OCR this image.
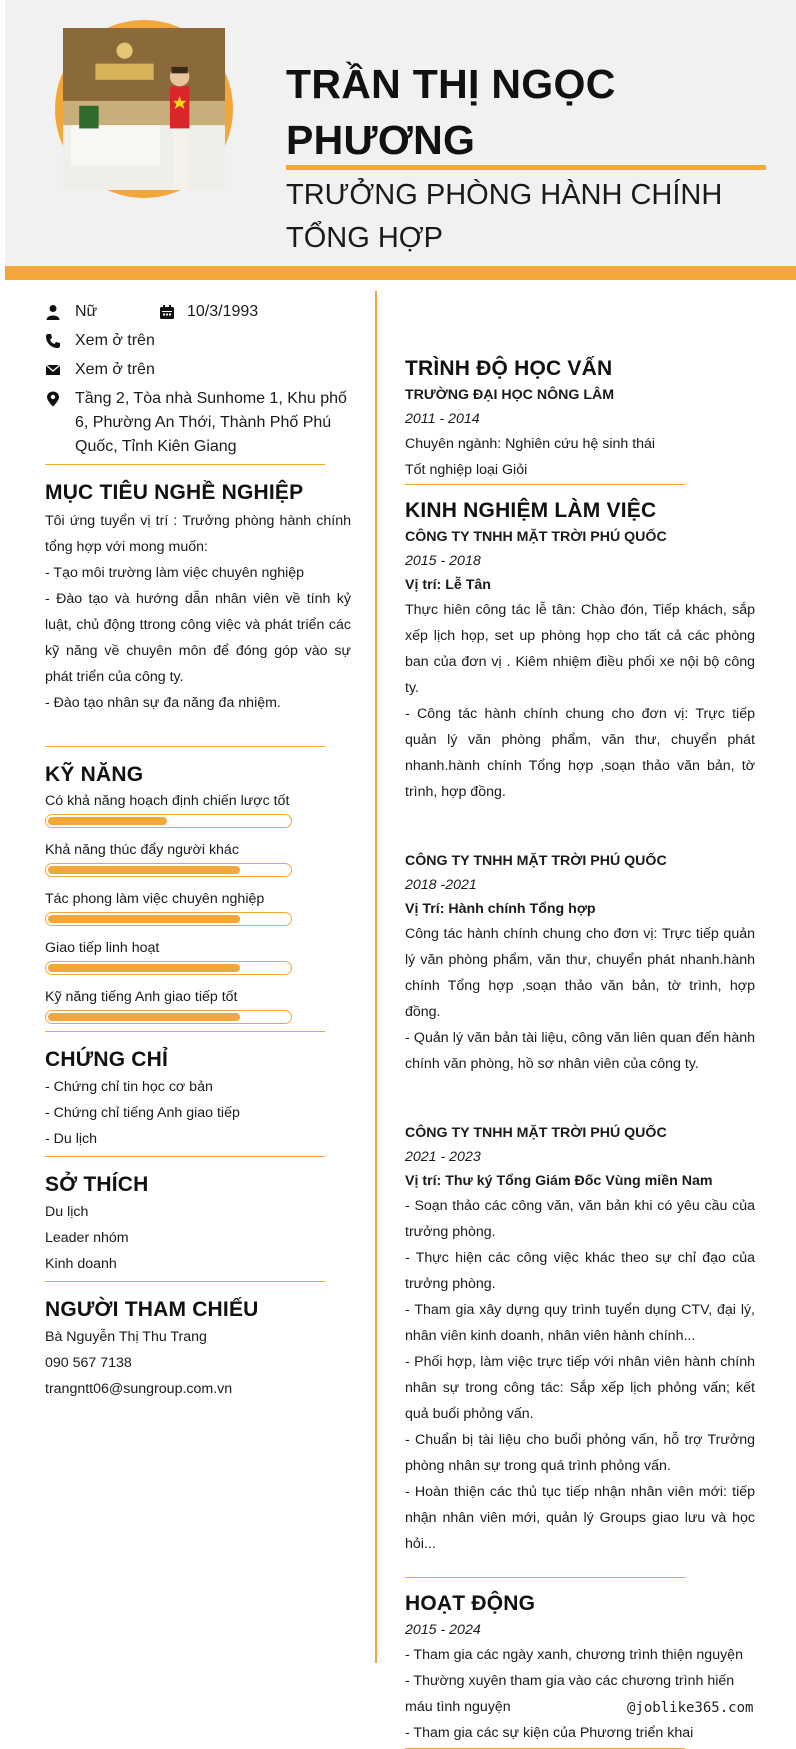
TRẦN THỊ NGỌC PHƯƠNG
TRƯỞNG PHÒNG HÀNH CHÍNH TỔNG HỢP
Nữ	10/3/1993
Xem ở trên
Xem ở trên
Tầng 2, Tòa nhà Sunhome 1, Khu phố 6, Phường An Thới, Thành Phố Phú Quốc, Tỉnh Kiên Giang
MỤC TIÊU NGHỀ NGHIỆP
Tôi ứng tuyển vị trí : Trưởng phòng hành chính tổng hợp với mong muốn:
- Tạo môi trường làm việc chuyên nghiệp
- Đào tạo và hướng dẫn nhân viên về tính kỷ luật, chủ động ttrong công việc và phát triển các kỹ năng về chuyên môn để đóng góp vào sự phát triển của công ty.
- Đào tạo nhân sự đa năng đa nhiệm.
KỸ NĂNG
Có khả năng hoạch định chiến lược tốt
Khả năng thúc đẩy người khác
Tác phong làm việc chuyên nghiệp
Giao tiếp linh hoạt
Kỹ năng tiếng Anh giao tiếp tốt
CHỨNG CHỈ
- Chứng chỉ tin học cơ bản
- Chứng chỉ tiếng Anh giao tiếp
- Du lịch
SỞ THÍCH
Du lịch
Leader nhóm
Kinh doanh
NGƯỜI THAM CHIẾU
Bà Nguyễn Thị Thu Trang
090 567 7138
trangntt06@sungroup.com.vn
TRÌNH ĐỘ HỌC VẤN
TRƯỜNG ĐẠI HỌC NÔNG LÂM
2011 - 2014
Chuyên ngành: Nghiên cứu hệ sinh thái
Tốt nghiệp loại Giỏi
KINH NGHIỆM LÀM VIỆC
CÔNG TY TNHH MẶT TRỜI PHÚ QUỐC
2015 - 2018
Vị trí: Lễ Tân
Thực hiên công tác lễ tân: Chào đón, Tiếp khách, sắp xếp lịch họp, set up phòng họp cho tất cả các phòng ban của đơn vị . Kiêm nhiệm điều phối xe nội bộ công ty.
- Công tác hành chính chung cho đơn vị: Trực tiếp quản lý văn phòng phẩm, văn thư, chuyển phát nhanh.hành chính Tổng hợp ,soạn thảo văn bản, tờ trình, hợp đồng.
CÔNG TY TNHH MẶT TRỜI PHÚ QUỐC
2018 -2021
Vị Trí: Hành chính Tổng hợp
Công tác hành chính chung cho đơn vị: Trực tiếp quản lý văn phòng phẩm, văn thư, chuyển phát nhanh.hành chính Tổng hợp ,soạn thảo văn bản, tờ trình, hợp đồng.
- Quản lý văn bản tài liệu, công văn liên quan đến hành chính văn phòng, hồ sơ nhân viên của công ty.
CÔNG TY TNHH MẶT TRỜI PHÚ QUỐC
2021 - 2023
Vị trí: Thư ký Tổng Giám Đốc Vùng miền Nam
- Soạn thảo các công văn, văn bản khi có yêu cầu của trưởng phòng.
- Thực hiện các công việc khác theo sự chỉ đạo của trưởng phòng.
- Tham gia xây dựng quy trình tuyển dụng CTV, đại lý, nhân viên kinh doanh, nhân viên hành chính...
- Phối hợp, làm việc trực tiếp với nhân viên hành chính nhân sự trong công tác: Sắp xếp lịch phỏng vấn; kết quả buổi phỏng vấn.
- Chuẩn bị tài liệu cho buổi phỏng vấn, hỗ trợ Trưởng phòng nhân sự trong quá trình phỏng vấn.
- Hoàn thiện các thủ tục tiếp nhận nhân viên mới: tiếp nhận nhân viên mới, quản lý Groups giao lưu và học hỏi...
HOẠT ĐỘNG
2015 - 2024
- Tham gia các ngày xanh, chương trình thiện nguyện
- Thường xuyên tham gia vào các chương trình hiến máu tình nguyện
- Tham gia các sự kiện của Phương triển khai
@joblike365.com
